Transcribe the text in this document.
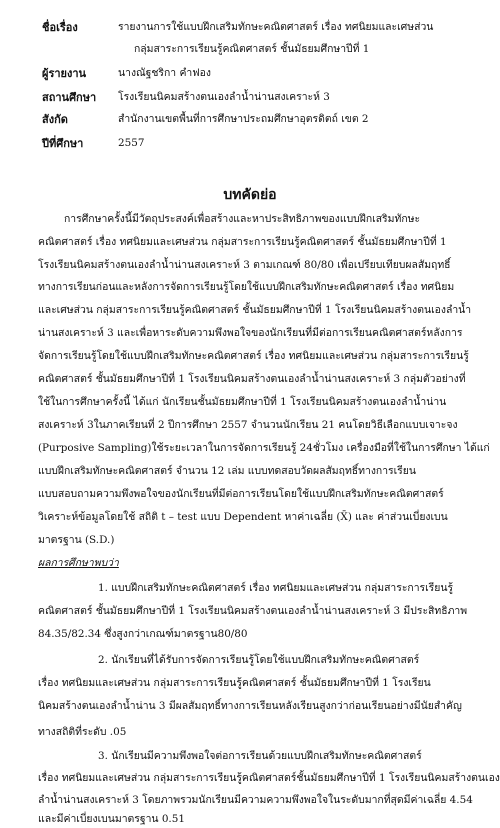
ชื่อเรื่อง	รายงานการใช้แบบฝึกเสริมทักษะคณิตศาสตร์ เรื่อง ทศนิยมและเศษส่วน
กลุ่มสาระการเรียนรู้คณิตศาสตร์ ชั้นมัธยมศึกษาปีที่ 1
ผู้รายงาน	นางณัฐชริกา คำฟอง
สถานศึกษา โรงเรียนนิคมสร้างตนเองลำน้ำน่านสงเคราะห์ 3
สังกัด	สำนักงานเขตพื้นที่การศึกษาประถมศึกษาอุตรดิตถ์ เขต 2
ปีที่ศึกษา	2557
บทคัดย่อ
การศึกษาครั้งนี้มีวัตถุประสงค์เพื่อสร้างและหาประสิทธิภาพของแบบฝึกเสริมทักษะ
คณิตศาสตร์ เรื่อง ทศนิยมและเศษส่วน กลุ่มสาระการเรียนรู้คณิตศาสตร์ ชั้นมัธยมศึกษาปีที่ 1
โรงเรียนนิคมสร้างตนเองลำน้ำน่านสงเคราะห์ 3 ตามเกณฑ์ 80/80 เพื่อเปรียบเทียบผลสัมฤทธิ์
ทางการเรียนก่อนและหลังการจัดการเรียนรู้โดยใช้แบบฝึกเสริมทักษะคณิตศาสตร์ เรื่อง ทศนิยม
และเศษส่วน กลุ่มสาระการเรียนรู้คณิตศาสตร์ ชั้นมัธยมศึกษาปีที่ 1 โรงเรียนนิคมสร้างตนเองลำน้ำ
น่านสงเคราะห์ 3 และเพื่อหาระดับความพึงพอใจของนักเรียนที่มีต่อการเรียนคณิตศาสตร์หลังการ
จัดการเรียนรู้โดยใช้แบบฝึกเสริมทักษะคณิตศาสตร์ เรื่อง ทศนิยมและเศษส่วน กลุ่มสาระการเรียนรู้
คณิตศาสตร์ ชั้นมัธยมศึกษาปีที่ 1 โรงเรียนนิคมสร้างตนเองลำน้ำน่านสงเคราะห์ 3 กลุ่มตัวอย่างที่
ใช้ในการศึกษาครั้งนี้ ได้แก่ นักเรียนชั้นมัธยมศึกษาปีที่ 1 โรงเรียนนิคมสร้างตนเองลำน้ำน่าน
สงเคราะห์ 3ในภาคเรียนที่ 2 ปีการศึกษา 2557 จำนวนนักเรียน 21 คนโดยวิธีเลือกแบบเจาะจง
(Purposive Sampling)ใช้ระยะเวลาในการจัดการเรียนรู้ 24ชั่วโมง เครื่องมือที่ใช้ในการศึกษา ได้แก่
แบบฝึกเสริมทักษะคณิตศาสตร์ จำนวน 12 เล่ม แบบทดสอบวัดผลสัมฤทธิ์ทางการเรียน
แบบสอบถามความพึงพอใจของนักเรียนที่มีต่อการเรียนโดยใช้แบบฝึกเสริมทักษะคณิตศาสตร์
วิเคราะห์ข้อมูลโดยใช้ สถิติ t – test แบบ Dependent หาค่าเฉลี่ย (X̄) และ ค่าส่วนเบี่ยงเบน
มาตรฐาน (S.D.)
ผลการศึกษาพบว่า
1. แบบฝึกเสริมทักษะคณิตศาสตร์ เรื่อง ทศนิยมและเศษส่วน กลุ่มสาระการเรียนรู้
คณิตศาสตร์ ชั้นมัธยมศึกษาปีที่ 1 โรงเรียนนิคมสร้างตนเองลำน้ำน่านสงเคราะห์ 3 มีประสิทธิภาพ
84.35/82.34 ซึ่งสูงกว่าเกณฑ์มาตรฐาน80/80
2. นักเรียนที่ได้รับการจัดการเรียนรู้โดยใช้แบบฝึกเสริมทักษะคณิตศาสตร์
เรื่อง ทศนิยมและเศษส่วน กลุ่มสาระการเรียนรู้คณิตศาสตร์ ชั้นมัธยมศึกษาปีที่ 1 โรงเรียน
นิคมสร้างตนเองลำน้ำน่าน 3 มีผลสัมฤทธิ์ทางการเรียนหลังเรียนสูงกว่าก่อนเรียนอย่างมีนัยสำคัญ
ทางสถิติที่ระดับ .05
3. นักเรียนมีความพึงพอใจต่อการเรียนด้วยแบบฝึกเสริมทักษะคณิตศาสตร์
เรื่อง ทศนิยมและเศษส่วน กลุ่มสาระการเรียนรู้คณิตศาสตร์ชั้นมัธยมศึกษาปีที่ 1 โรงเรียนนิคมสร้างตนเอง
ลำน้ำน่านสงเคราะห์ 3 โดยภาพรวมนักเรียนมีความความพึงพอใจในระดับมากที่สุดมีค่าเฉลี่ย 4.54
และมีค่าเบี่ยงเบนมาตรฐาน 0.51
